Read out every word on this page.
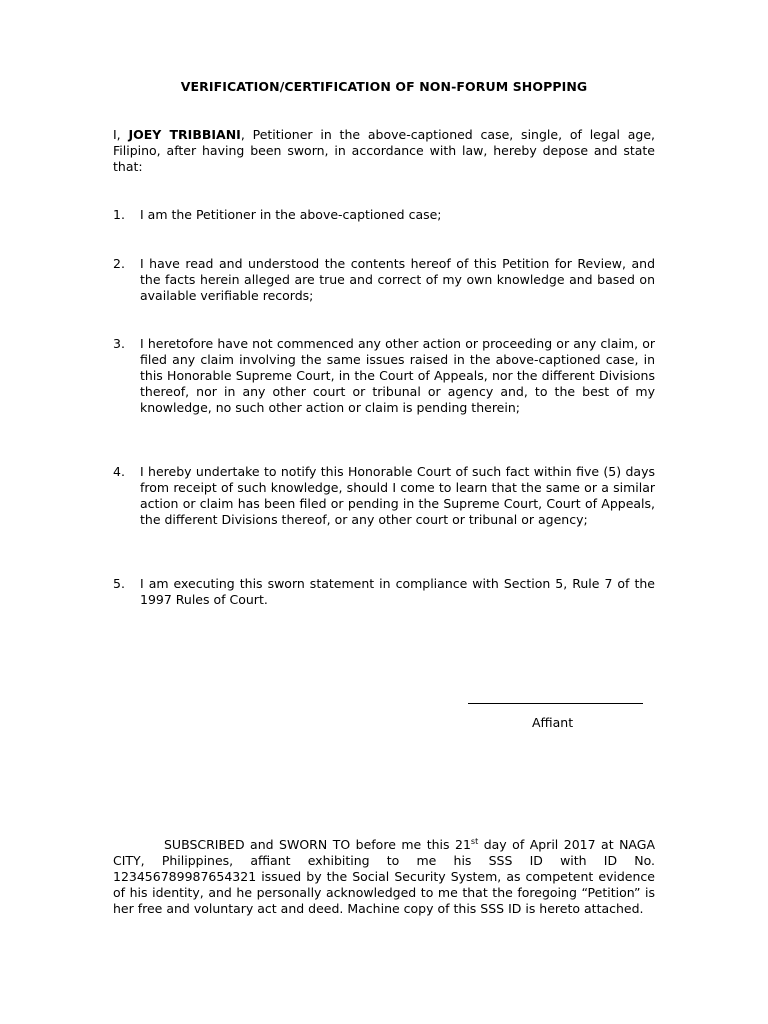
VERIFICATION/CERTIFICATION OF NON-FORUM SHOPPING
I, JOEY TRIBBIANI, Petitioner in the above-captioned case, single, of legal age, Filipino, after having been sworn, in accordance with law, hereby depose and state that:
1. I am the Petitioner in the above-captioned case;
2. I have read and understood the contents hereof of this Petition for Review, and the facts herein alleged are true and correct of my own knowledge and based on available verifiable records;
3. I heretofore have not commenced any other action or proceeding or any claim, or filed any claim involving the same issues raised in the above-captioned case, in this Honorable Supreme Court, in the Court of Appeals, nor the different Divisions thereof, nor in any other court or tribunal or agency and, to the best of my knowledge, no such other action or claim is pending therein;
4. I hereby undertake to notify this Honorable Court of such fact within five (5) days from receipt of such knowledge, should I come to learn that the same or a similar action or claim has been filed or pending in the Supreme Court, Court of Appeals, the different Divisions thereof, or any other court or tribunal or agency;
5. I am executing this sworn statement in compliance with Section 5, Rule 7 of the 1997 Rules of Court.
Affiant
SUBSCRIBED and SWORN TO before me this 21st day of April 2017 at NAGA CITY, Philippines, affiant exhibiting to me his SSS ID with ID No. 123456789987654321 issued by the Social Security System, as competent evidence of his identity, and he personally acknowledged to me that the foregoing “Petition” is her free and voluntary act and deed. Machine copy of this SSS ID is hereto attached.
